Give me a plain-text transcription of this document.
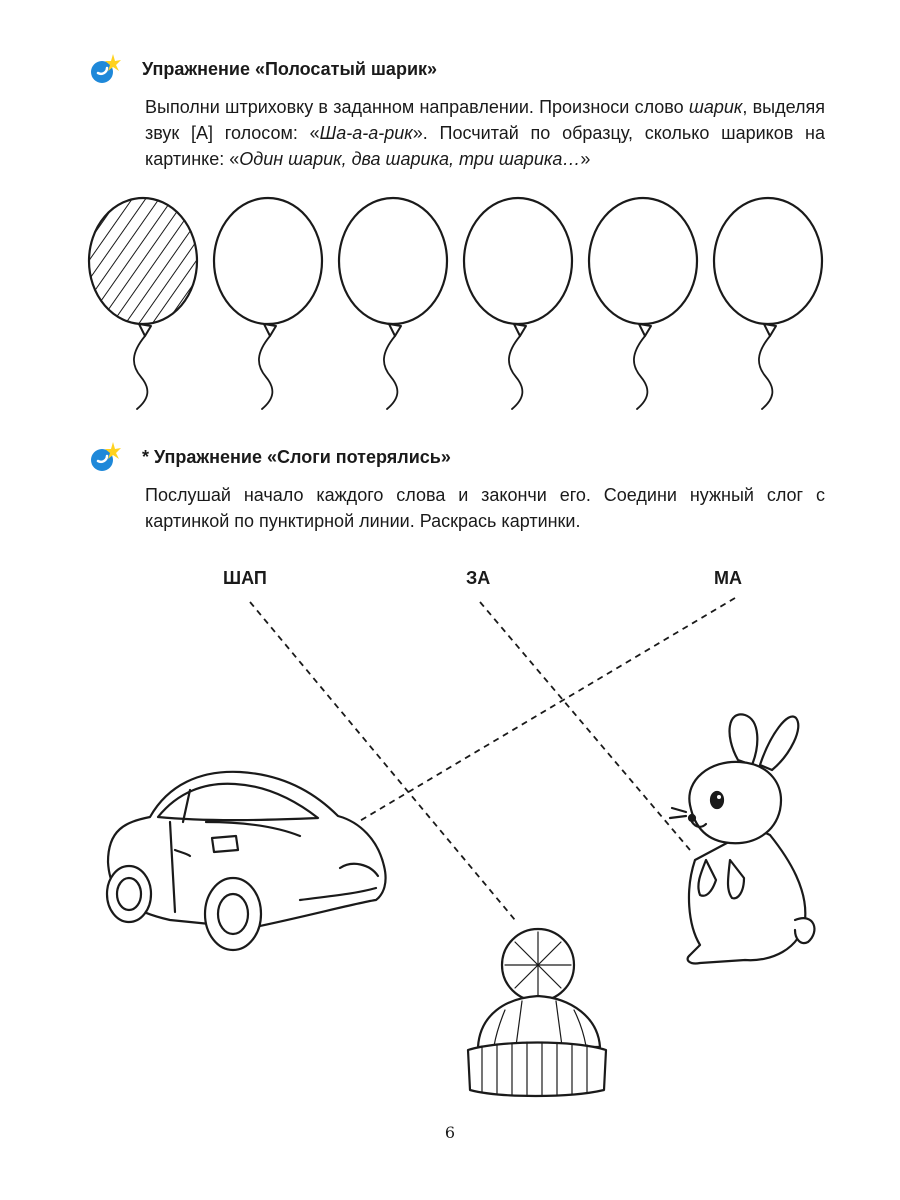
Упражнение «Полосатый шарик»
Выполни штриховку в заданном направлении. Произноси слово шарик, выделяя звук [А] голосом: «Ша-а-а-рик». Посчитай по образцу, сколько шариков на картинке: «Один шарик, два шарика, три шарика…»
* Упражнение «Слоги потерялись»
Послушай начало каждого слова и закончи его. Соедини нужный слог с картинкой по пунктирной линии. Раскрась картинки.
ШАП	ЗА	МА
6
